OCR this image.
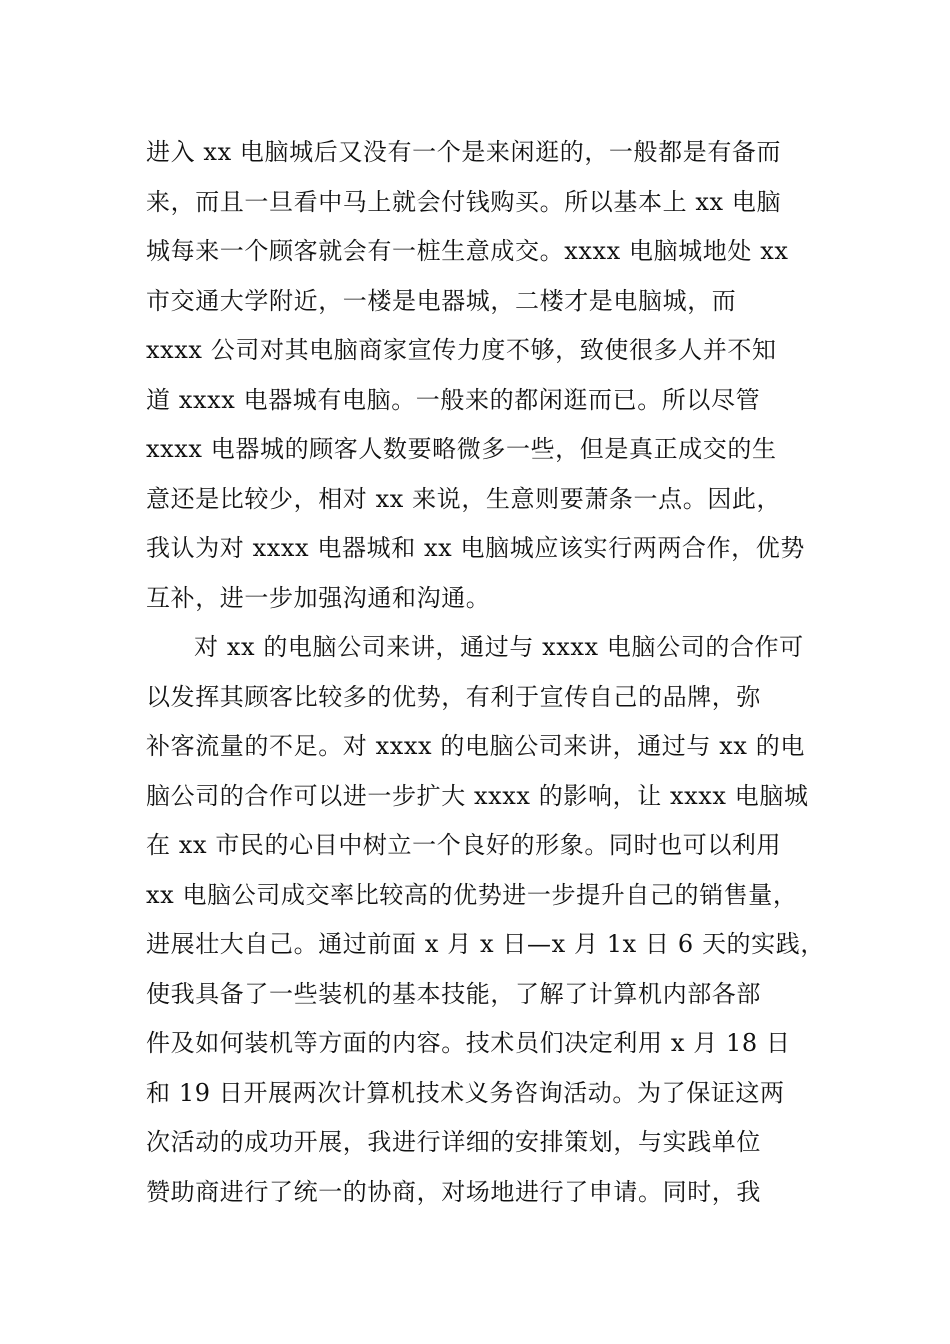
进入 xx 电脑城后又没有一个是来闲逛的，一般都是有备而
来，而且一旦看中马上就会付钱购买。所以基本上 xx 电脑
城每来一个顾客就会有一桩生意成交。xxxx 电脑城地处 xx
市交通大学附近，一楼是电器城，二楼才是电脑城，而
xxxx 公司对其电脑商家宣传力度不够，致使很多人并不知
道 xxxx 电器城有电脑。一般来的都闲逛而已。所以尽管
xxxx 电器城的顾客人数要略微多一些，但是真正成交的生
意还是比较少，相对 xx 来说，生意则要萧条一点。因此，
我认为对 xxxx 电器城和 xx 电脑城应该实行两两合作，优势
互补，进一步加强沟通和沟通。
对 xx 的电脑公司来讲，通过与 xxxx 电脑公司的合作可
以发挥其顾客比较多的优势，有利于宣传自己的品牌，弥
补客流量的不足。对 xxxx 的电脑公司来讲，通过与 xx 的电
脑公司的合作可以进一步扩大 xxxx 的影响，让 xxxx 电脑城
在 xx 市民的心目中树立一个良好的形象。同时也可以利用
xx 电脑公司成交率比较高的优势进一步提升自己的销售量，
进展壮大自己。通过前面 x 月 x 日—x 月 1x 日 6 天的实践，
使我具备了一些装机的基本技能，了解了计算机内部各部
件及如何装机等方面的内容。技术员们决定利用 x 月 18 日
和 19 日开展两次计算机技术义务咨询活动。为了保证这两
次活动的成功开展，我进行详细的安排策划，与实践单位
赞助商进行了统一的协商，对场地进行了申请。同时，我
